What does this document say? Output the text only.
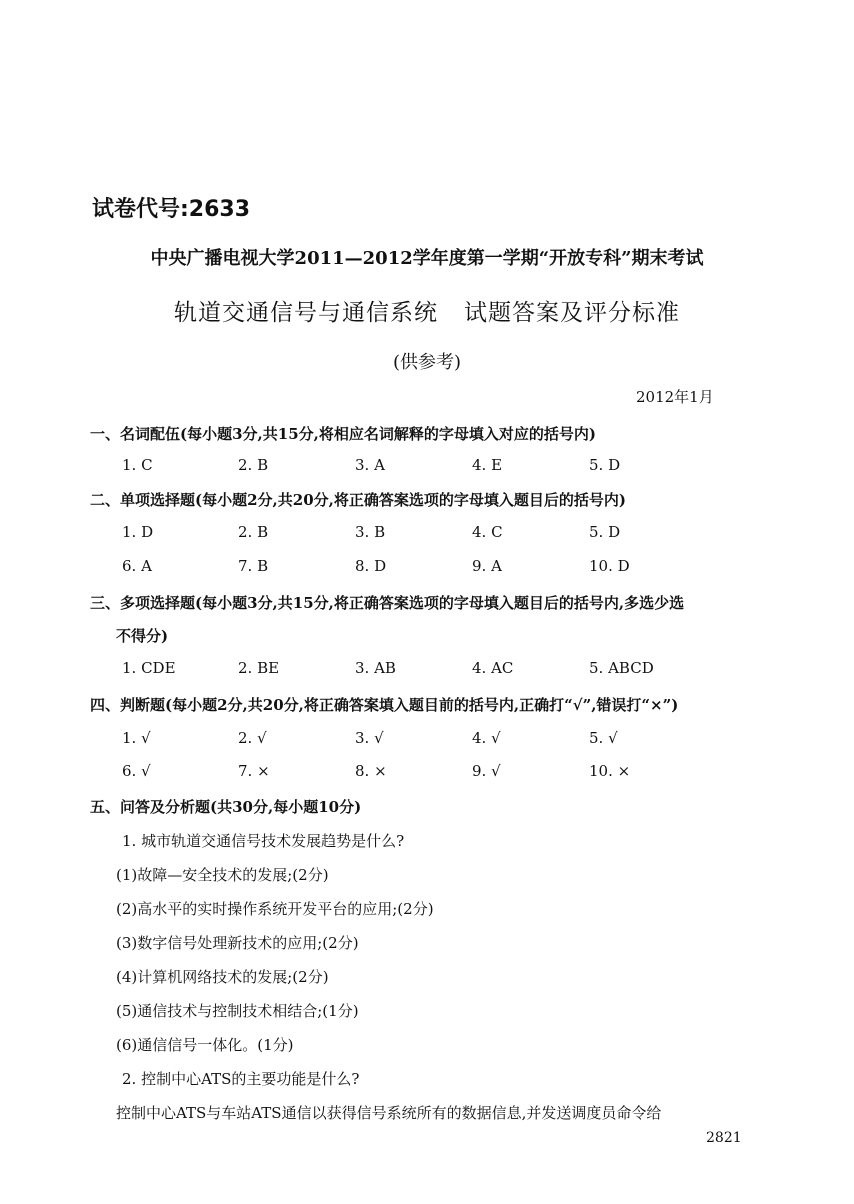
试卷代号:2633
中央广播电视大学2011—2012学年度第一学期“开放专科”期末考试
轨道交通信号与通信系统 试题答案及评分标准
(供参考)
2012年1月
一、名词配伍(每小题3分,共15分,将相应名词解释的字母填入对应的括号内)
1. C	2. B	3. A	4. E	5. D
二、单项选择题(每小题2分,共20分,将正确答案选项的字母填入题目后的括号内)
1. D	2. B	3. B	4. C	5. D
6. A	7. B	8. D	9. A	10. D
三、多项选择题(每小题3分,共15分,将正确答案选项的字母填入题目后的括号内,多选少选
不得分)
1. CDE	2. BE	3. AB	4. AC	5. ABCD
四、判断题(每小题2分,共20分,将正确答案填入题目前的括号内,正确打“√”,错误打“×”)
1. √	2. √	3. √	4. √	5. √
6. √	7. ×	8. ×	9. √	10. ×
五、问答及分析题(共30分,每小题10分)
1. 城市轨道交通信号技术发展趋势是什么?
(1)故障—安全技术的发展;(2分)
(2)高水平的实时操作系统开发平台的应用;(2分)
(3)数字信号处理新技术的应用;(2分)
(4)计算机网络技术的发展;(2分)
(5)通信技术与控制技术相结合;(1分)
(6)通信信号一体化。(1分)
2. 控制中心ATS的主要功能是什么?
控制中心ATS与车站ATS通信以获得信号系统所有的数据信息,并发送调度员命令给
2821
